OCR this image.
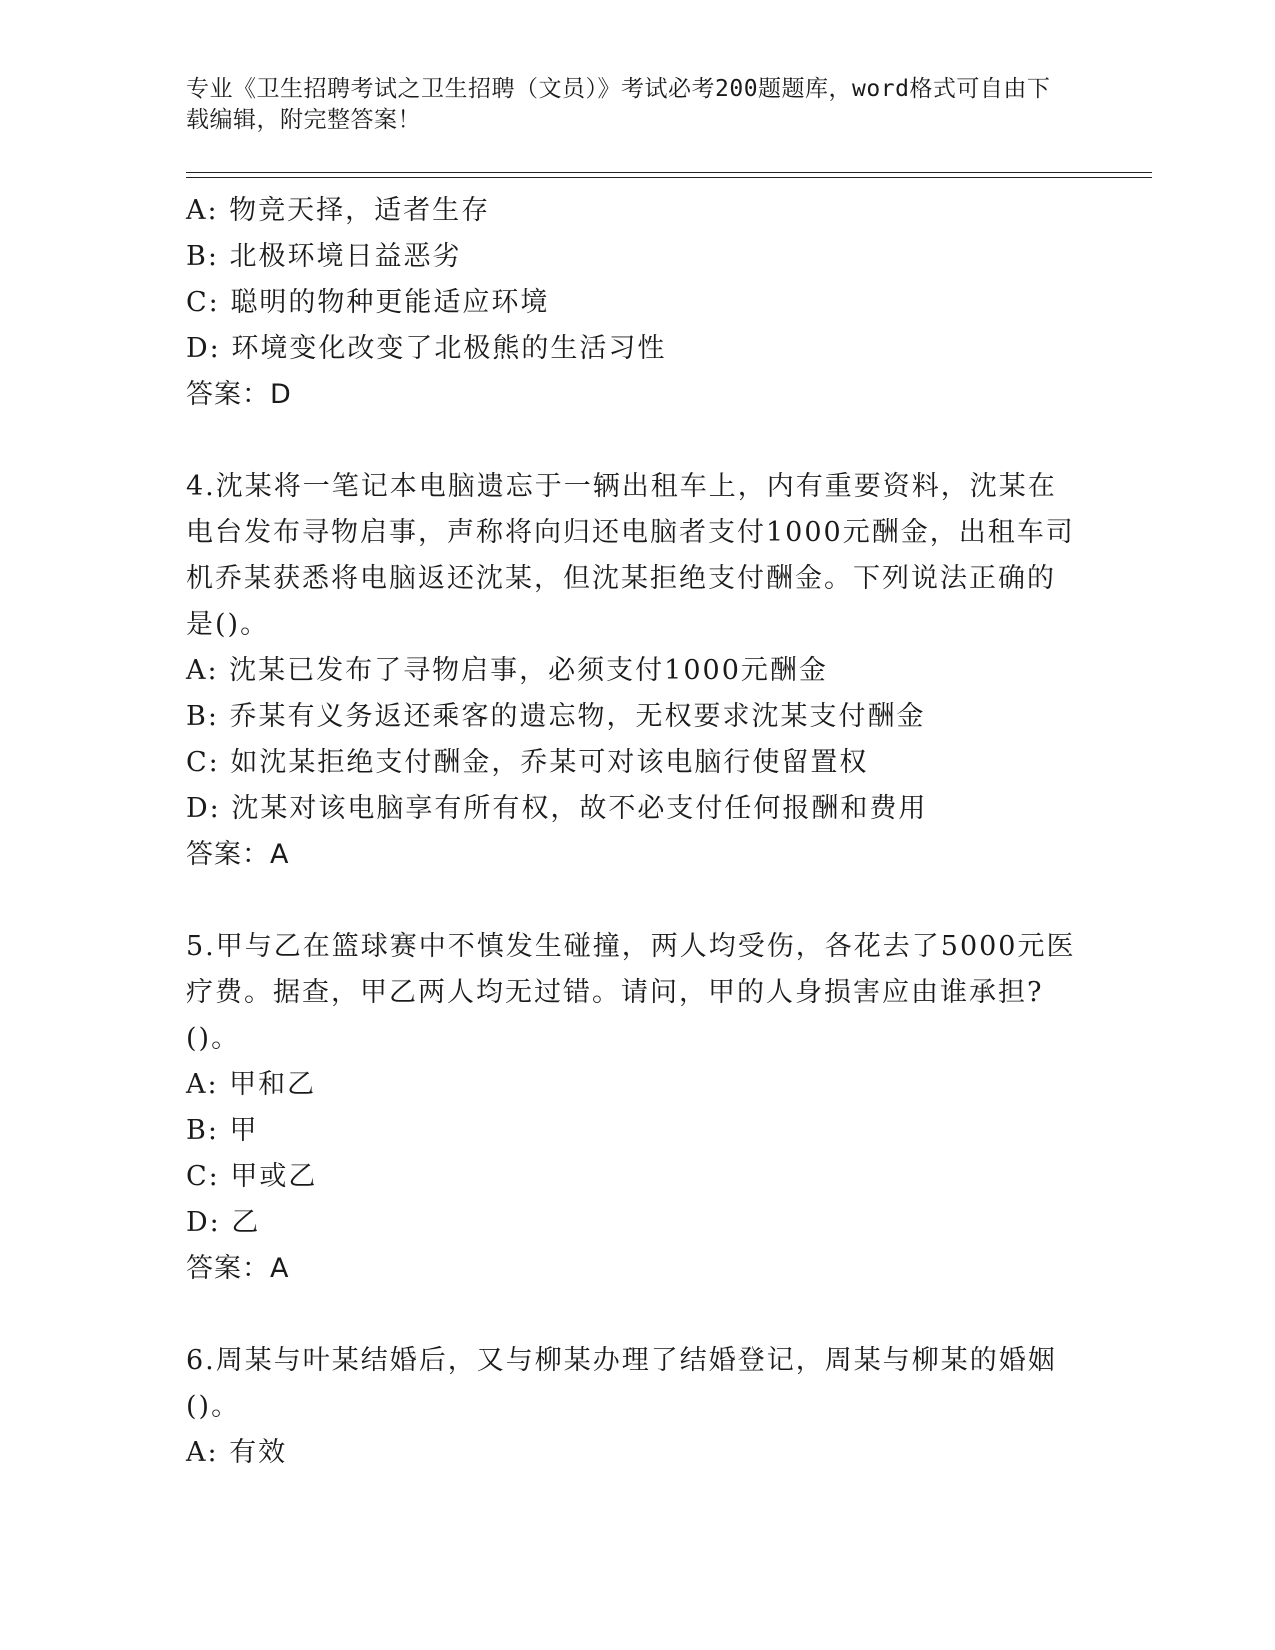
专业《卫生招聘考试之卫生招聘（文员）》考试必考200题题库，word格式可自由下载编辑，附完整答案！
A: 物竞天择，适者生存
B: 北极环境日益恶劣
C: 聪明的物种更能适应环境
D: 环境变化改变了北极熊的生活习性
答案：D
4.沈某将一笔记本电脑遗忘于一辆出租车上，内有重要资料，沈某在
电台发布寻物启事，声称将向归还电脑者支付1000元酬金，出租车司
机乔某获悉将电脑返还沈某，但沈某拒绝支付酬金。下列说法正确的
是()。
A: 沈某已发布了寻物启事，必须支付1000元酬金
B: 乔某有义务返还乘客的遗忘物，无权要求沈某支付酬金
C: 如沈某拒绝支付酬金，乔某可对该电脑行使留置权
D: 沈某对该电脑享有所有权，故不必支付任何报酬和费用
答案：A
5.甲与乙在篮球赛中不慎发生碰撞，两人均受伤，各花去了5000元医
疗费。据查，甲乙两人均无过错。请问，甲的人身损害应由谁承担?
()。
A: 甲和乙
B: 甲
C: 甲或乙
D: 乙
答案：A
6.周某与叶某结婚后，又与柳某办理了结婚登记，周某与柳某的婚姻
()。
A: 有效
